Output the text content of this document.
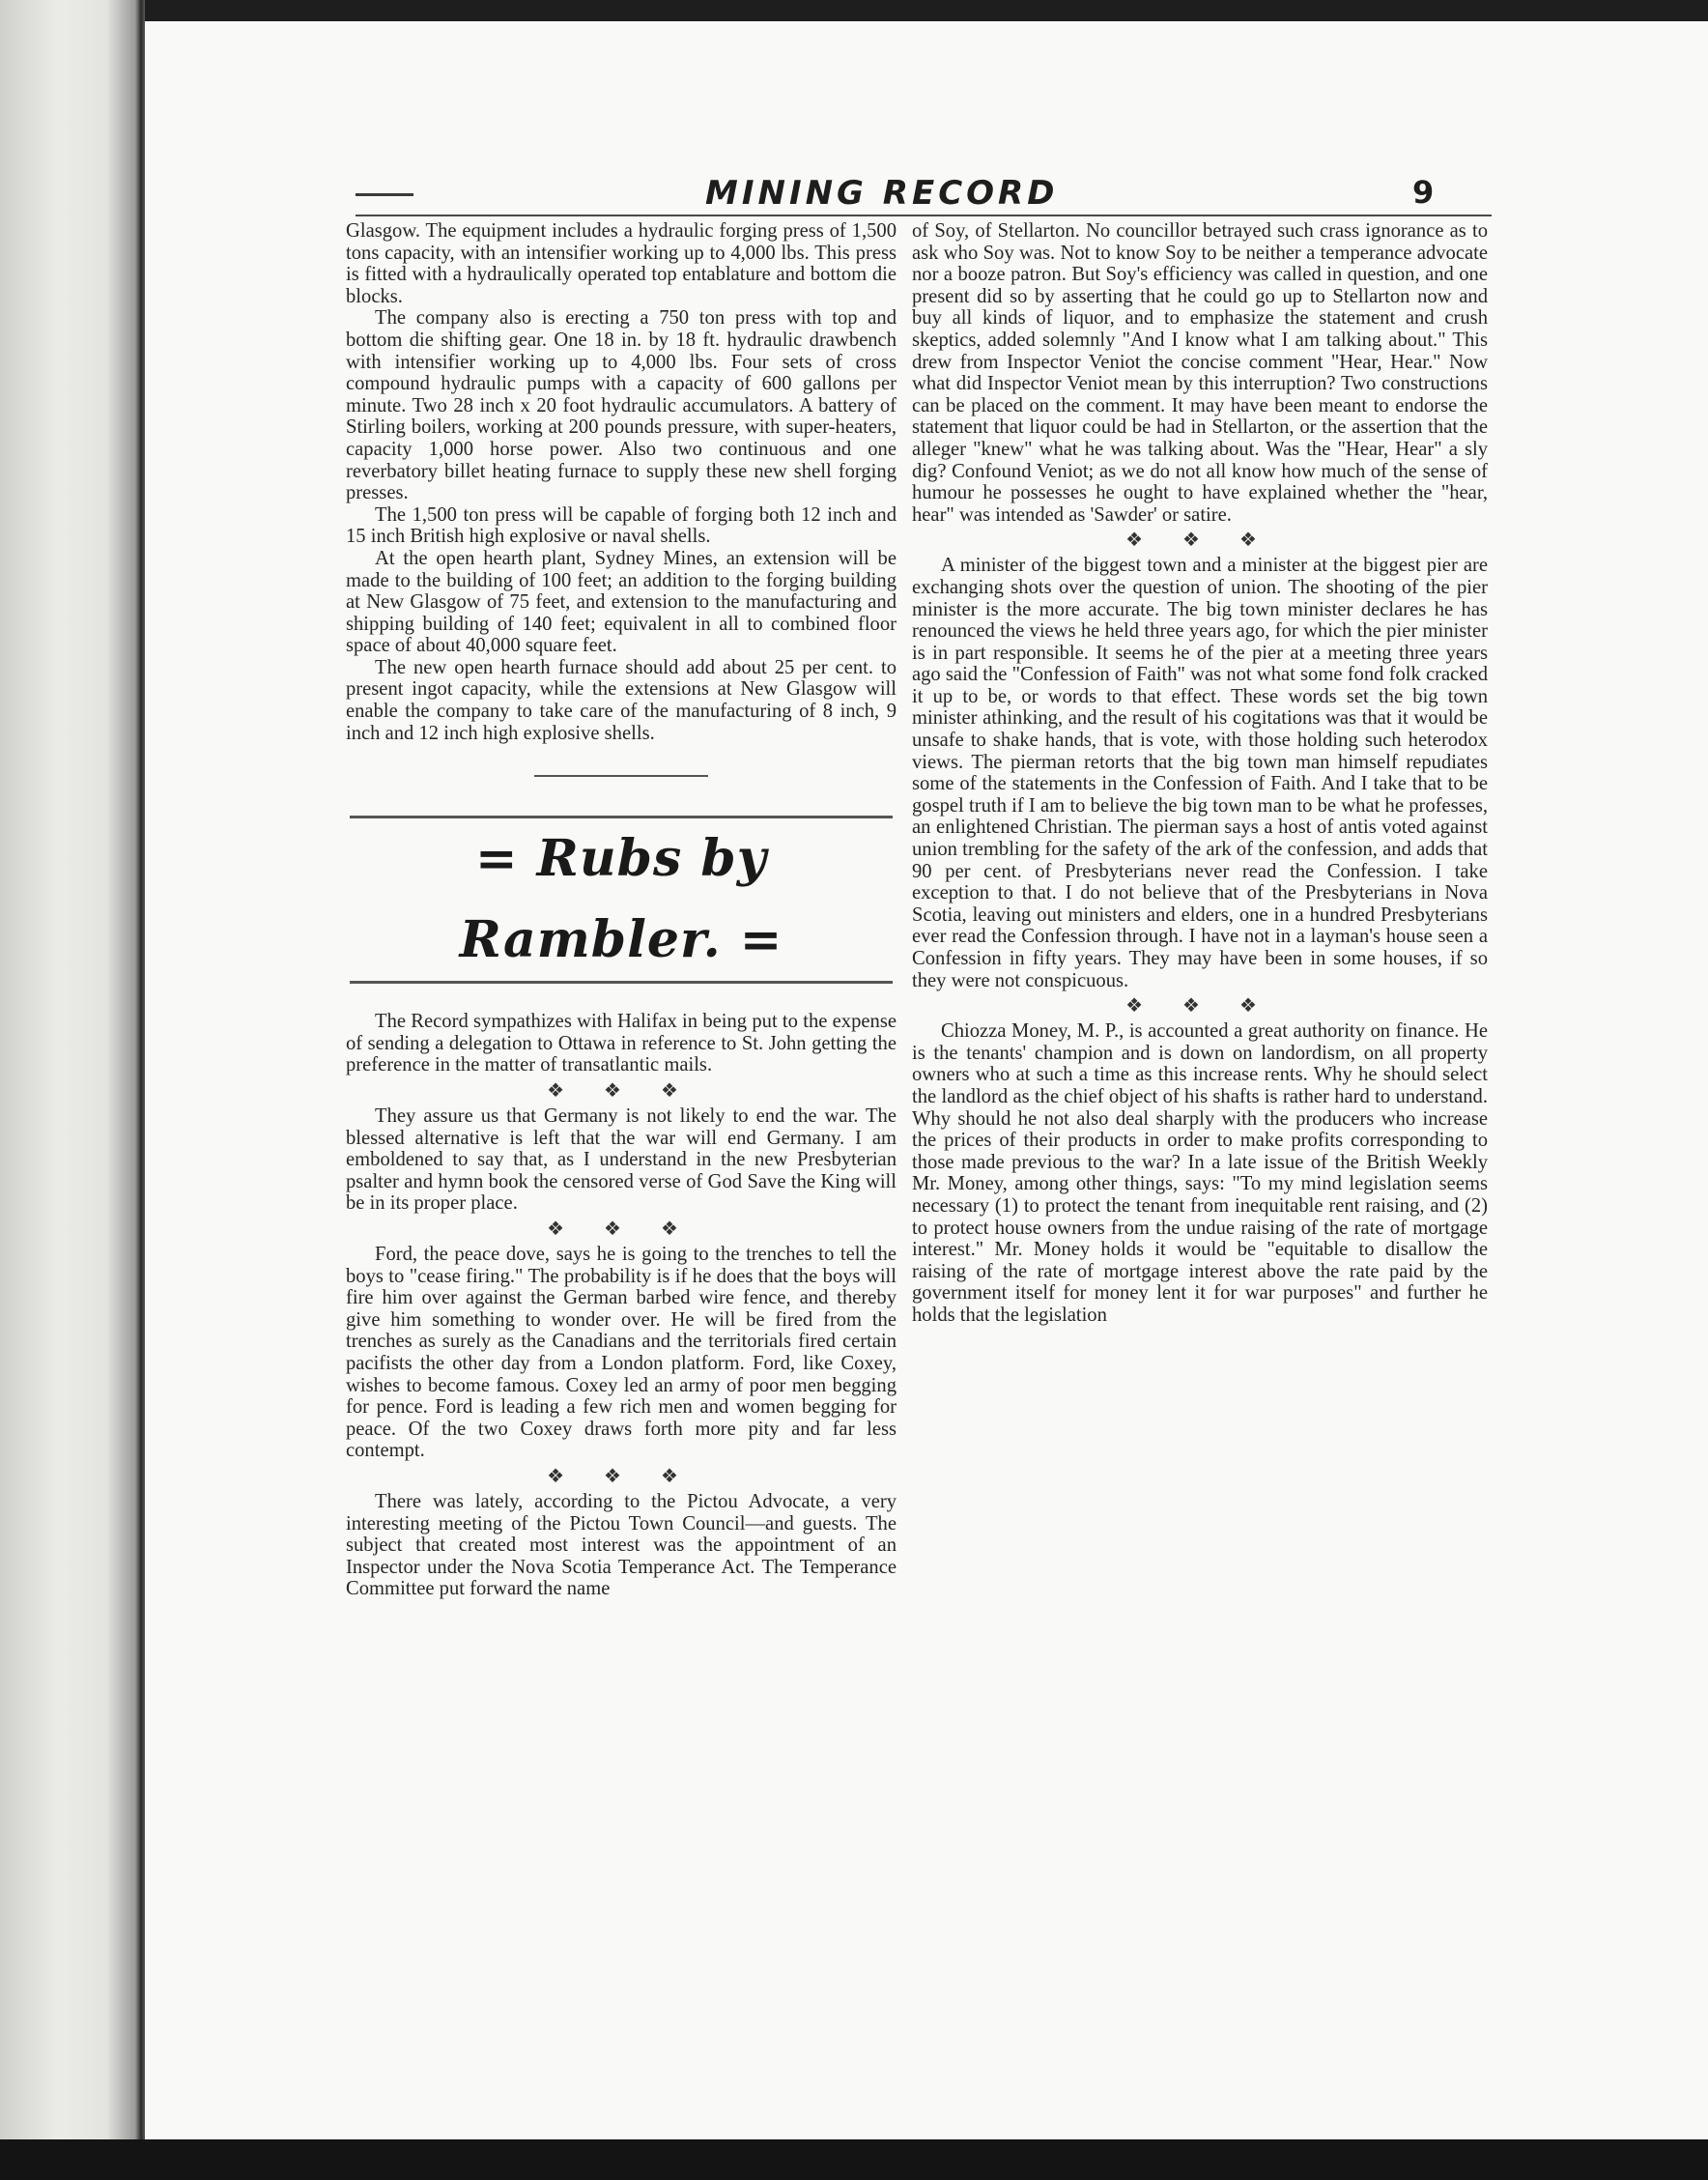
MINING RECORD	9

Glasgow. The equipment includes a hydraulic forging press of 1,500 tons capacity, with an intensifier working up to 4,000 lbs. This press is fitted with a hydraulically operated top entablature and bottom die blocks.

The company also is erecting a 750 ton press with top and bottom die shifting gear. One 18 in. by 18 ft. hydraulic drawbench with intensifier working up to 4,000 lbs. Four sets of cross compound hydraulic pumps with a capacity of 600 gallons per minute. Two 28 inch x 20 foot hydraulic accumulators. A battery of Stirling boilers, working at 200 pounds pressure, with super-heaters, capacity 1,000 horse power. Also two continuous and one reverbatory billet heating furnace to supply these new shell forging presses.

The 1,500 ton press will be capable of forging both 12 inch and 15 inch British high explosive or naval shells.

At the open hearth plant, Sydney Mines, an extension will be made to the building of 100 feet; an addition to the forging building at New Glasgow of 75 feet, and extension to the manufacturing and shipping building of 140 feet; equivalent in all to combined floor space of about 40,000 square feet.

The new open hearth furnace should add about 25 per cent. to present ingot capacity, while the extensions at New Glasgow will enable the company to take care of the manufacturing of 8 inch, 9 inch and 12 inch high explosive shells.

= Rubs by Rambler. =

The Record sympathizes with Halifax in being put to the expense of sending a delegation to Ottawa in reference to St. John getting the preference in the matter of transatlantic mails.

❖ ❖ ❖

They assure us that Germany is not likely to end the war. The blessed alternative is left that the war will end Germany. I am emboldened to say that, as I understand in the new Presbyterian psalter and hymn book the censored verse of God Save the King will be in its proper place.

❖ ❖ ❖

Ford, the peace dove, says he is going to the trenches to tell the boys to "cease firing." The probability is if he does that the boys will fire him over against the German barbed wire fence, and thereby give him something to wonder over. He will be fired from the trenches as surely as the Canadians and the territorials fired certain pacifists the other day from a London platform. Ford, like Coxey, wishes to become famous. Coxey led an army of poor men begging for pence. Ford is leading a few rich men and women begging for peace. Of the two Coxey draws forth more pity and far less contempt.

❖ ❖ ❖

There was lately, according to the Pictou Advocate, a very interesting meeting of the Pictou Town Council—and guests. The subject that created most interest was the appointment of an Inspector under the Nova Scotia Temperance Act. The Temperance Committee put forward the name

of Soy, of Stellarton. No councillor betrayed such crass ignorance as to ask who Soy was. Not to know Soy to be neither a temperance advocate nor a booze patron. But Soy's efficiency was called in question, and one present did so by asserting that he could go up to Stellarton now and buy all kinds of liquor, and to emphasize the statement and crush skeptics, added solemnly "And I know what I am talking about." This drew from Inspector Veniot the concise comment "Hear, Hear." Now what did Inspector Veniot mean by this interruption? Two constructions can be placed on the comment. It may have been meant to endorse the statement that liquor could be had in Stellarton, or the assertion that the alleger "knew" what he was talking about. Was the "Hear, Hear" a sly dig? Confound Veniot; as we do not all know how much of the sense of humour he possesses he ought to have explained whether the "hear, hear" was intended as 'Sawder' or satire.

❖ ❖ ❖

A minister of the biggest town and a minister at the biggest pier are exchanging shots over the question of union. The shooting of the pier minister is the more accurate. The big town minister declares he has renounced the views he held three years ago, for which the pier minister is in part responsible. It seems he of the pier at a meeting three years ago said the "Confession of Faith" was not what some fond folk cracked it up to be, or words to that effect. These words set the big town minister athinking, and the result of his cogitations was that it would be unsafe to shake hands, that is vote, with those holding such heterodox views. The pierman retorts that the big town man himself repudiates some of the statements in the Confession of Faith. And I take that to be gospel truth if I am to believe the big town man to be what he professes, an enlightened Christian. The pierman says a host of antis voted against union trembling for the safety of the ark of the confession, and adds that 90 per cent. of Presbyterians never read the Confession. I take exception to that. I do not believe that of the Presbyterians in Nova Scotia, leaving out ministers and elders, one in a hundred Presbyterians ever read the Confession through. I have not in a layman's house seen a Confession in fifty years. They may have been in some houses, if so they were not conspicuous.

❖ ❖ ❖

Chiozza Money, M. P., is accounted a great authority on finance. He is the tenants' champion and is down on landordism, on all property owners who at such a time as this increase rents. Why he should select the landlord as the chief object of his shafts is rather hard to understand. Why should he not also deal sharply with the producers who increase the prices of their products in order to make profits corresponding to those made previous to the war? In a late issue of the British Weekly Mr. Money, among other things, says: "To my mind legislation seems necessary (1) to protect the tenant from inequitable rent raising, and (2) to protect house owners from the undue raising of the rate of mortgage interest." Mr. Money holds it would be "equitable to disallow the raising of the rate of mortgage interest above the rate paid by the government itself for money lent it for war purposes" and further he holds that the legislation
